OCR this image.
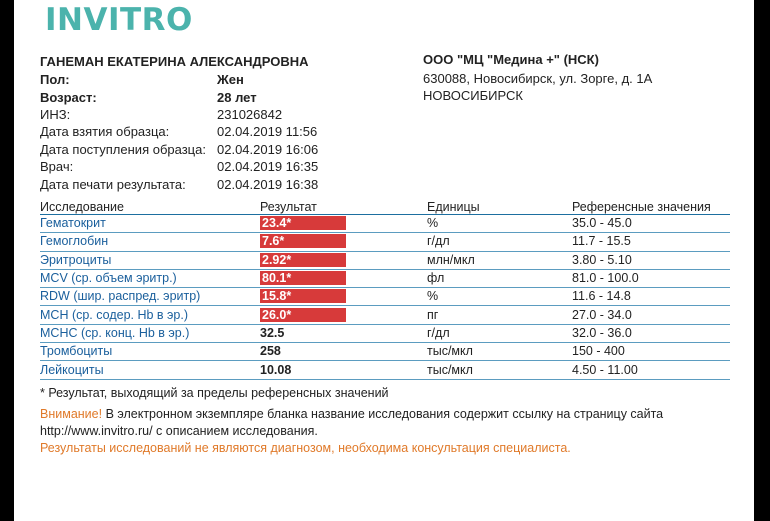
INVITRO
ГАНЕМАН ЕКАТЕРИНА АЛЕКСАНДРОВНА
Пол:	Жен
Возраст:	28 лет
ИНЗ:	231026842
Дата взятия образца:	02.04.2019 11:56
Дата поступления образца: 02.04.2019 16:06
Врач:	02.04.2019 16:35
Дата печати результата:	02.04.2019 16:38
ООО "МЦ "Медина +" (НСК)
630088, Новосибирск, ул. Зорге, д. 1А
НОВОСИБИРСК
Исследование	Результат	Единицы	Референсные значения
Гематокрит	23.4*	%	35.0 - 45.0
Гемоглобин	7.6*	г/дл	11.7 - 15.5
Эритроциты	2.92*	млн/мкл	3.80 - 5.10
MCV (ср. объем эритр.)	80.1*	фл	81.0 - 100.0
RDW (шир. распред. эритр)	15.8*	%	11.6 - 14.8
MCH (ср. содер. Hb в эр.)	26.0*	пг	27.0 - 34.0
MCHC (ср. конц. Hb в эр.)	32.5	г/дл	32.0 - 36.0
Тромбоциты	258	тыс/мкл	150 - 400
Лейкоциты	10.08	тыс/мкл	4.50 - 11.00
* Результат, выходящий за пределы референсных значений
Внимание! В электронном экземпляре бланка название исследования содержит ссылку на страницу сайта
http://www.invitro.ru/ с описанием исследования.
Результаты исследований не являются диагнозом, необходима консультация специалиста.
